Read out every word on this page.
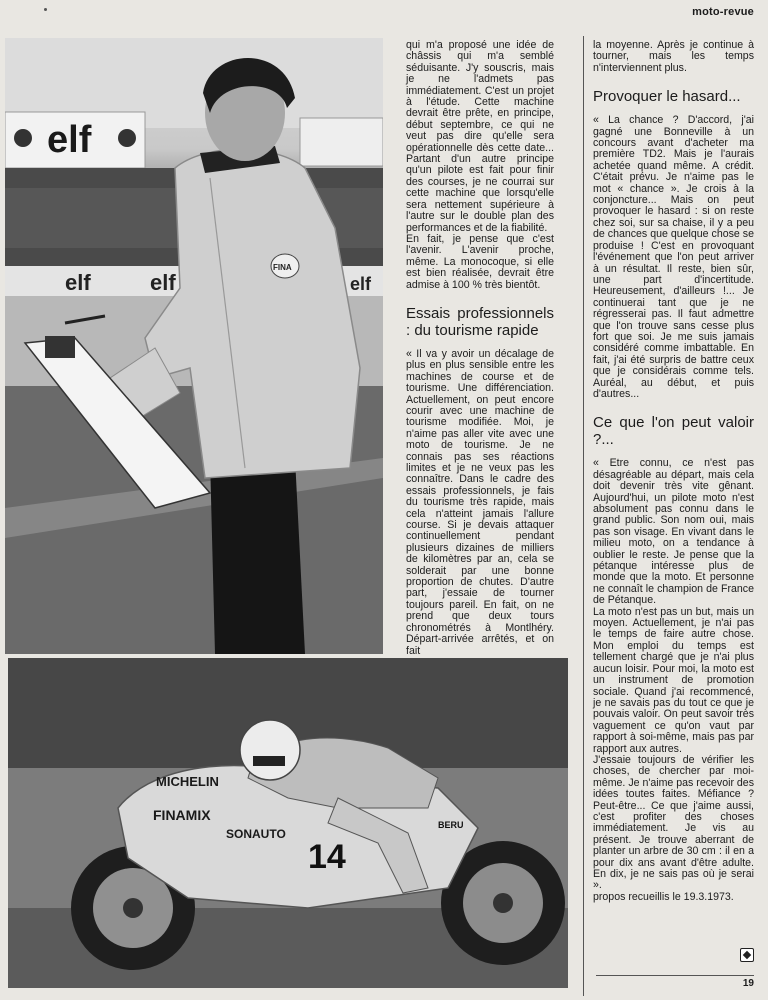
moto-revue
elf
elf	elf	elf
FINA
MICHELIN
FINAMIX
SONAUTO
14
BERU

qui m'a proposé une idée de châssis qui m'a semblé séduisante. J'y souscris, mais je ne l'admets pas immédiatement. C'est un projet à l'étude. Cette machine devrait être prête, en principe, début septembre, ce qui ne veut pas dire qu'elle sera opérationnelle dès cette date... Partant d'un autre principe qu'un pilote est fait pour finir des courses, je ne courrai sur cette machine que lorsqu'elle sera nettement supérieure à l'autre sur le double plan des performances et de la fiabilité.

En fait, je pense que c'est l'avenir. L'avenir proche, même. La monocoque, si elle est bien réalisée, devrait être admise à 100 % très bientôt.

Essais professionnels : du tourisme rapide

« Il va y avoir un décalage de plus en plus sensible entre les machines de course et de tourisme. Une différenciation. Actuellement, on peut encore courir avec une machine de tourisme modifiée. Moi, je n'aime pas aller vite avec une moto de tourisme. Je ne connais pas ses réactions limites et je ne veux pas les connaître. Dans le cadre des essais professionnels, je fais du tourisme très rapide, mais cela n'atteint jamais l'allure course. Si je devais attaquer continuellement pendant plusieurs dizaines de milliers de kilomètres par an, cela se solderait par une bonne proportion de chutes. D'autre part, j'essaie de tourner toujours pareil. En fait, on ne prend que deux tours chronométrés à Montlhéry. Départ-arrivée arrêtés, et on fait

la moyenne. Après je continue à tourner, mais les temps n'interviennent plus.

Provoquer le hasard...

« La chance ? D'accord, j'ai gagné une Bonneville à un concours avant d'acheter ma première TD2. Mais je l'aurais achetée quand même. A crédit. C'était prévu. Je n'aime pas le mot « chance ». Je crois à la conjoncture... Mais on peut provoquer le hasard : si on reste chez soi, sur sa chaise, il y a peu de chances que quelque chose se produise ! C'est en provoquant l'événement que l'on peut arriver à un résultat. Il reste, bien sûr, une part d'incertitude. Heureusement, d'ailleurs !... Je continuerai tant que je ne régresserai pas. Il faut admettre que l'on trouve sans cesse plus fort que soi. Je me suis jamais considéré comme imbattable. En fait, j'ai été surpris de battre ceux que je considérais comme tels. Auréal, au début, et puis d'autres...

Ce que l'on peut valoir ?...

« Etre connu, ce n'est pas désagréable au départ, mais cela doit devenir très vite gênant. Aujourd'hui, un pilote moto n'est absolument pas connu dans le grand public. Son nom oui, mais pas son visage. En vivant dans le milieu moto, on a tendance à oublier le reste. Je pense que la pétanque intéresse plus de monde que la moto. Et personne ne connaît le champion de France de Pétanque.

La moto n'est pas un but, mais un moyen. Actuellement, je n'ai pas le temps de faire autre chose. Mon emploi du temps est tellement chargé que je n'ai plus aucun loisir. Pour moi, la moto est un instrument de promotion sociale. Quand j'ai recommencé, je ne savais pas du tout ce que je pouvais valoir. On peut savoir très vaguement ce qu'on vaut par rapport à soi-même, mais pas par rapport aux autres.

J'essaie toujours de vérifier les choses, de chercher par moi-même. Je n'aime pas recevoir des idées toutes faites. Méfiance ? Peut-être... Ce que j'aime aussi, c'est profiter des choses immédiatement. Je vis au présent. Je trouve aberrant de planter un arbre de 30 cm : il en a pour dix ans avant d'être adulte. En dix, je ne sais pas où je serai ».

propos recueillis le 19.3.1973.

19
